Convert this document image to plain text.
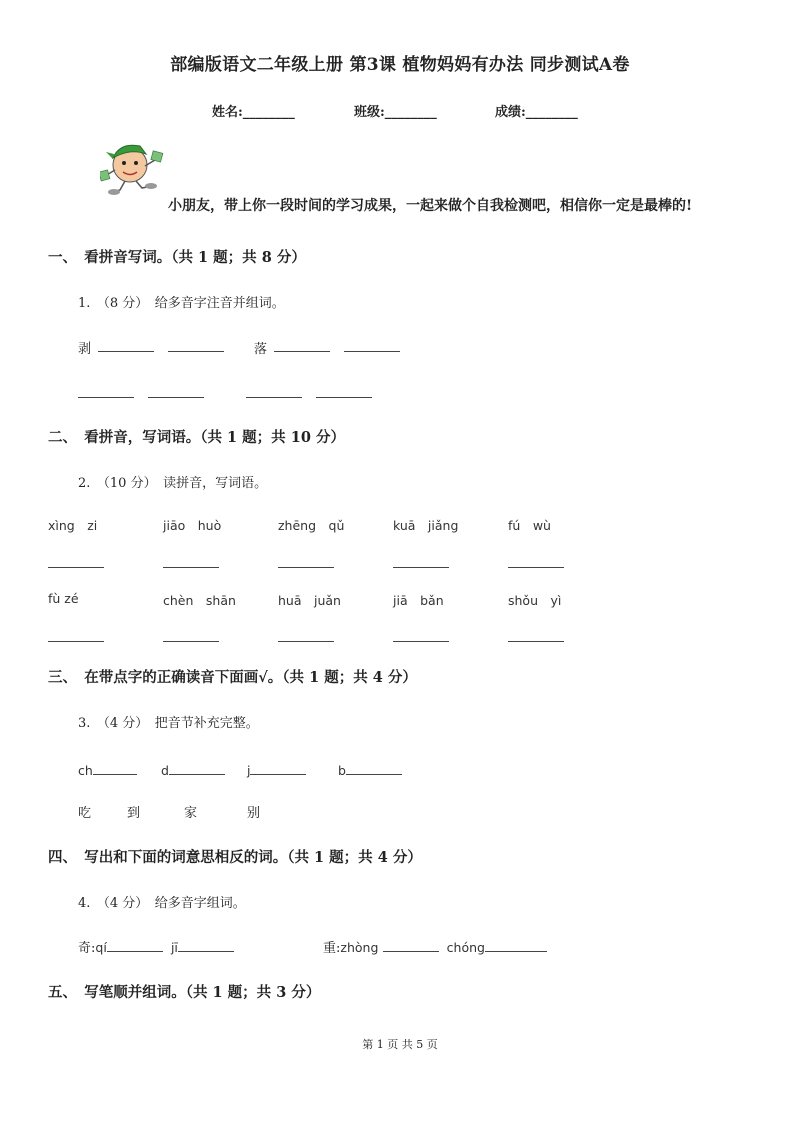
部编版语文二年级上册 第3课 植物妈妈有办法 同步测试A卷
姓名:________	班级:________	成绩:________
小朋友，带上你一段时间的学习成果，一起来做个自我检测吧，相信你一定是最棒的!
一、　看拼音写词。（共 1 题；共 8 分）
1.　（8 分）　给多音字注音并组词。
剥	落
二、　看拼音，写词语。（共 1 题；共 10 分）
2.　（10 分）　读拼音，写词语。
xìng　zi	jiāo　huò	zhēng　qǔ	kuā　jiǎng	fú　wù
fù zé	chèn　shān	huā　juǎn	jiā　bǎn	shǒu　yì
三、　在带点字的正确读音下面画√。（共 1 题；共 4 分）
3.　（4 分）　把音节补充完整。
ch	d	j	b
吃	到	家	别
四、　写出和下面的词意思相反的词。（共 1 题；共 4 分）
4.　（4 分）　给多音字组词。
奇:qí	jī	重:zhòng	chóng
五、　写笔顺并组词。（共 1 题；共 3 分）
第 1 页 共 5 页
